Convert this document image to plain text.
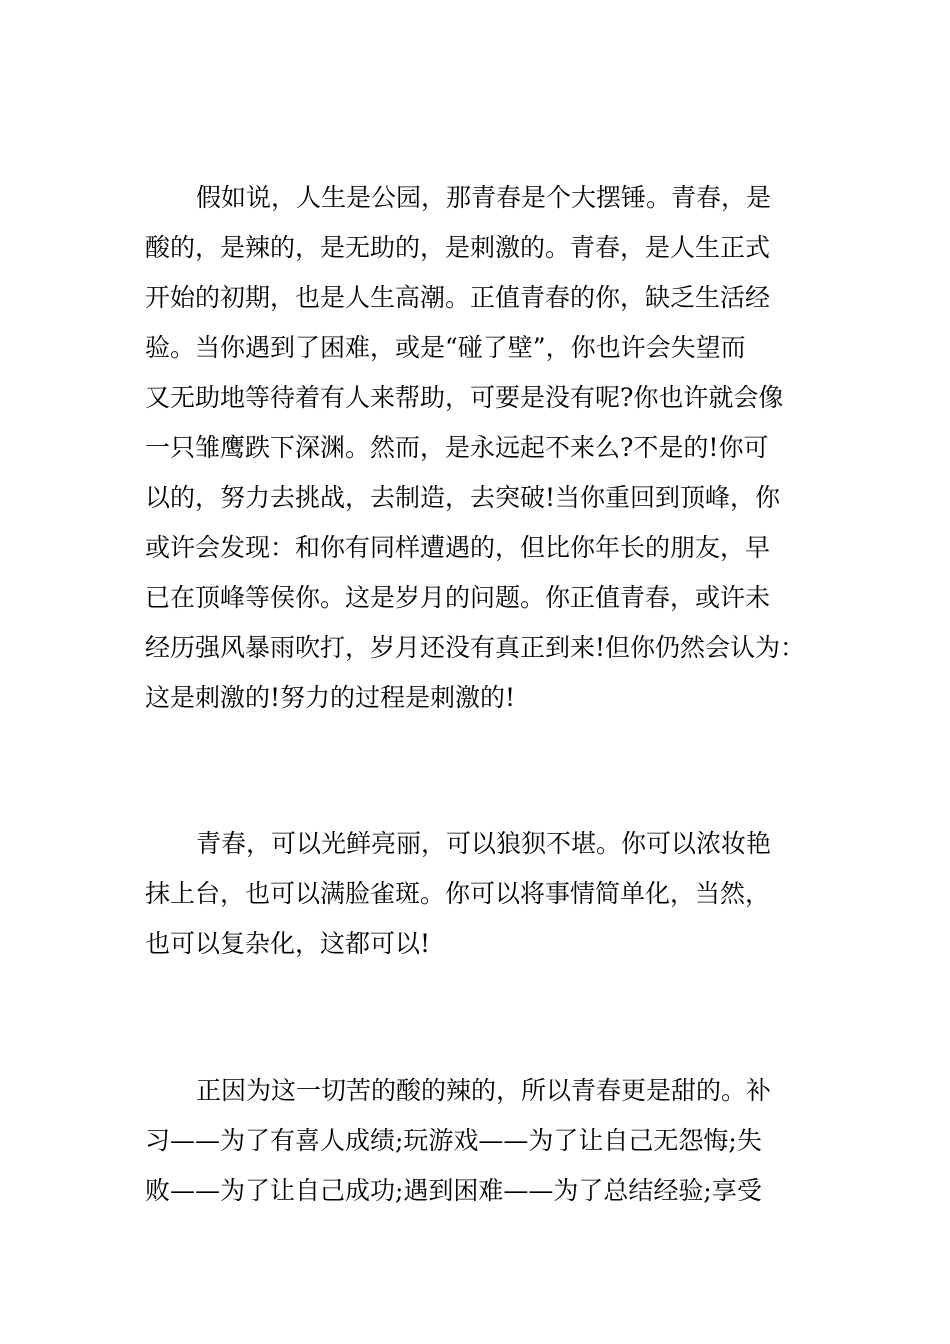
假如说，人生是公园，那青春是个大摆锤。青春，是
酸的，是辣的，是无助的，是刺激的。青春，是人生正式
开始的初期，也是人生高潮。正值青春的你，缺乏生活经
验。当你遇到了困难，或是“碰了壁”，你也许会失望而
又无助地等待着有人来帮助，可要是没有呢?你也许就会像
一只雏鹰跌下深渊。然而，是永远起不来么?不是的!你可
以的，努力去挑战，去制造，去突破!当你重回到顶峰，你
或许会发现：和你有同样遭遇的，但比你年长的朋友，早
已在顶峰等侯你。这是岁月的问题。你正值青春，或许未
经历强风暴雨吹打，岁月还没有真正到来!但你仍然会认为：
这是刺激的!努力的过程是刺激的!
青春，可以光鲜亮丽，可以狼狈不堪。你可以浓妆艳
抹上台，也可以满脸雀斑。你可以将事情简单化，当然，
也可以复杂化，这都可以!
正因为这一切苦的酸的辣的，所以青春更是甜的。补
习——为了有喜人成绩;玩游戏——为了让自己无怨悔;失
败——为了让自己成功;遇到困难——为了总结经验;享受
